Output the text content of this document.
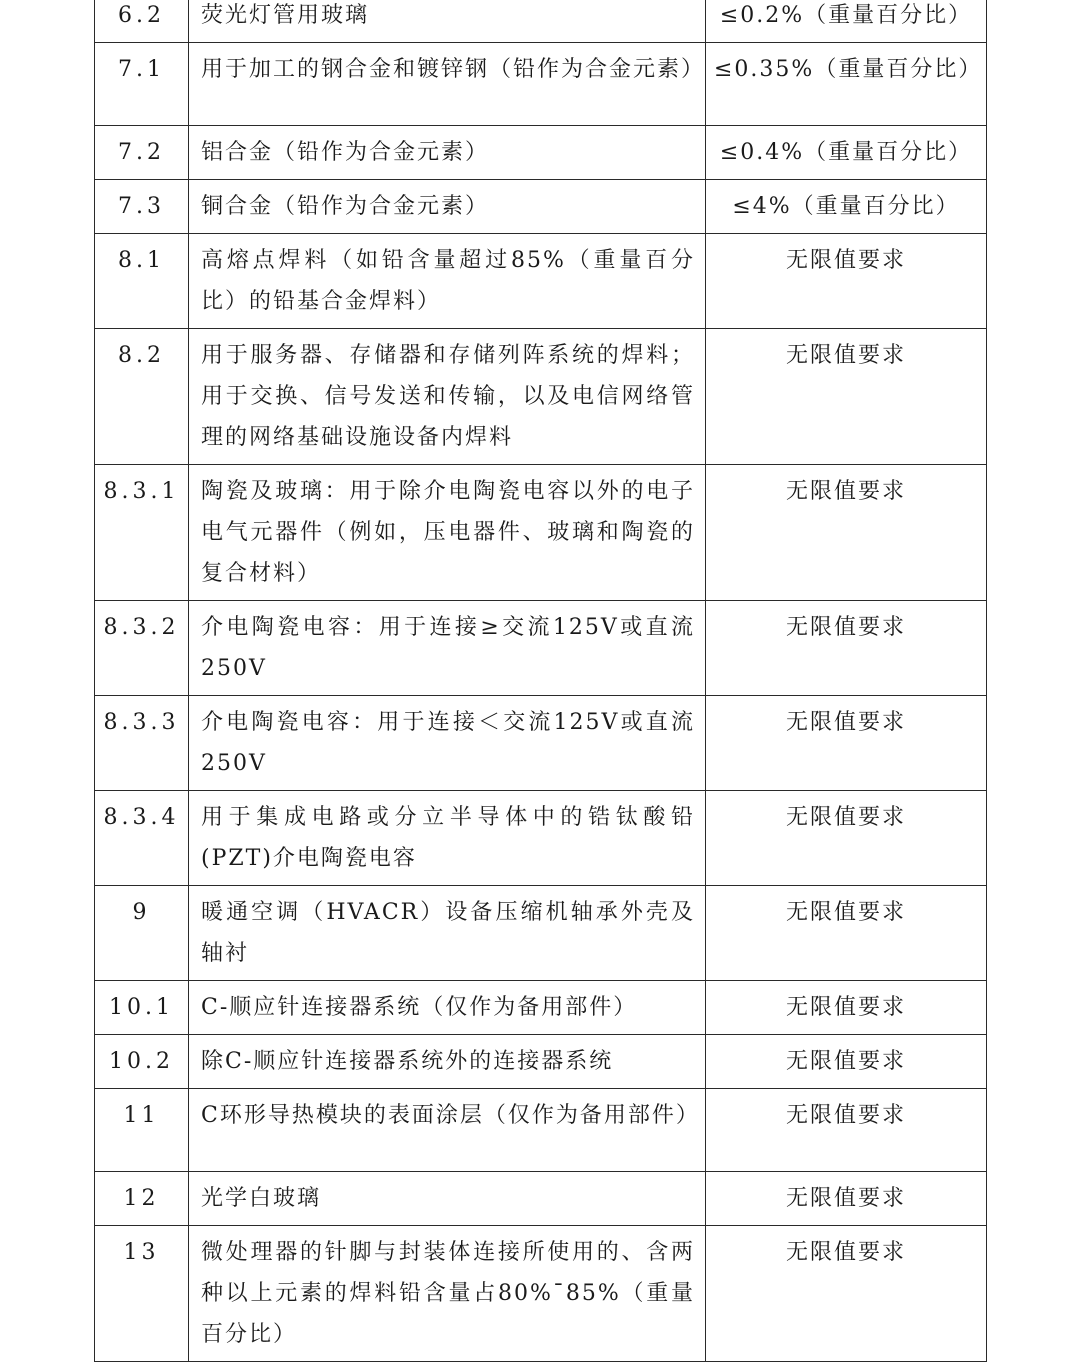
6.2	荧光灯管用玻璃	≤0.2%（重量百分比）
7.1	用于加工的钢合金和镀锌钢（铅作为合金元素）	≤0.35%（重量百分比）
7.2	铝合金（铅作为合金元素）	≤0.4%（重量百分比）
7.3	铜合金（铅作为合金元素）	≤4%（重量百分比）
8.1	高熔点焊料（如铅含量超过85%（重量百分比）的铅基合金焊料）	无限值要求
8.2	用于服务器、存储器和存储列阵系统的焊料；用于交换、信号发送和传输，以及电信网络管理的网络基础设施设备内焊料	无限值要求
8.3.1	陶瓷及玻璃：用于除介电陶瓷电容以外的电子电气元器件（例如，压电器件、玻璃和陶瓷的复合材料）	无限值要求
8.3.2	介电陶瓷电容：用于连接≥交流125V或直流250V	无限值要求
8.3.3	介电陶瓷电容：用于连接＜交流125V或直流250V	无限值要求
8.3.4	用于集成电路或分立半导体中的锆钛酸铅(PZT)介电陶瓷电容	无限值要求
9	暖通空调（HVACR）设备压缩机轴承外壳及轴衬	无限值要求
10.1	C-顺应针连接器系统（仅作为备用部件）	无限值要求
10.2	除C-顺应针连接器系统外的连接器系统	无限值要求
11	C环形导热模块的表面涂层（仅作为备用部件）	无限值要求
12	光学白玻璃	无限值要求
13	微处理器的针脚与封装体连接所使用的、含两种以上元素的焊料铅含量占80%¯85%（重量百分比）	无限值要求
